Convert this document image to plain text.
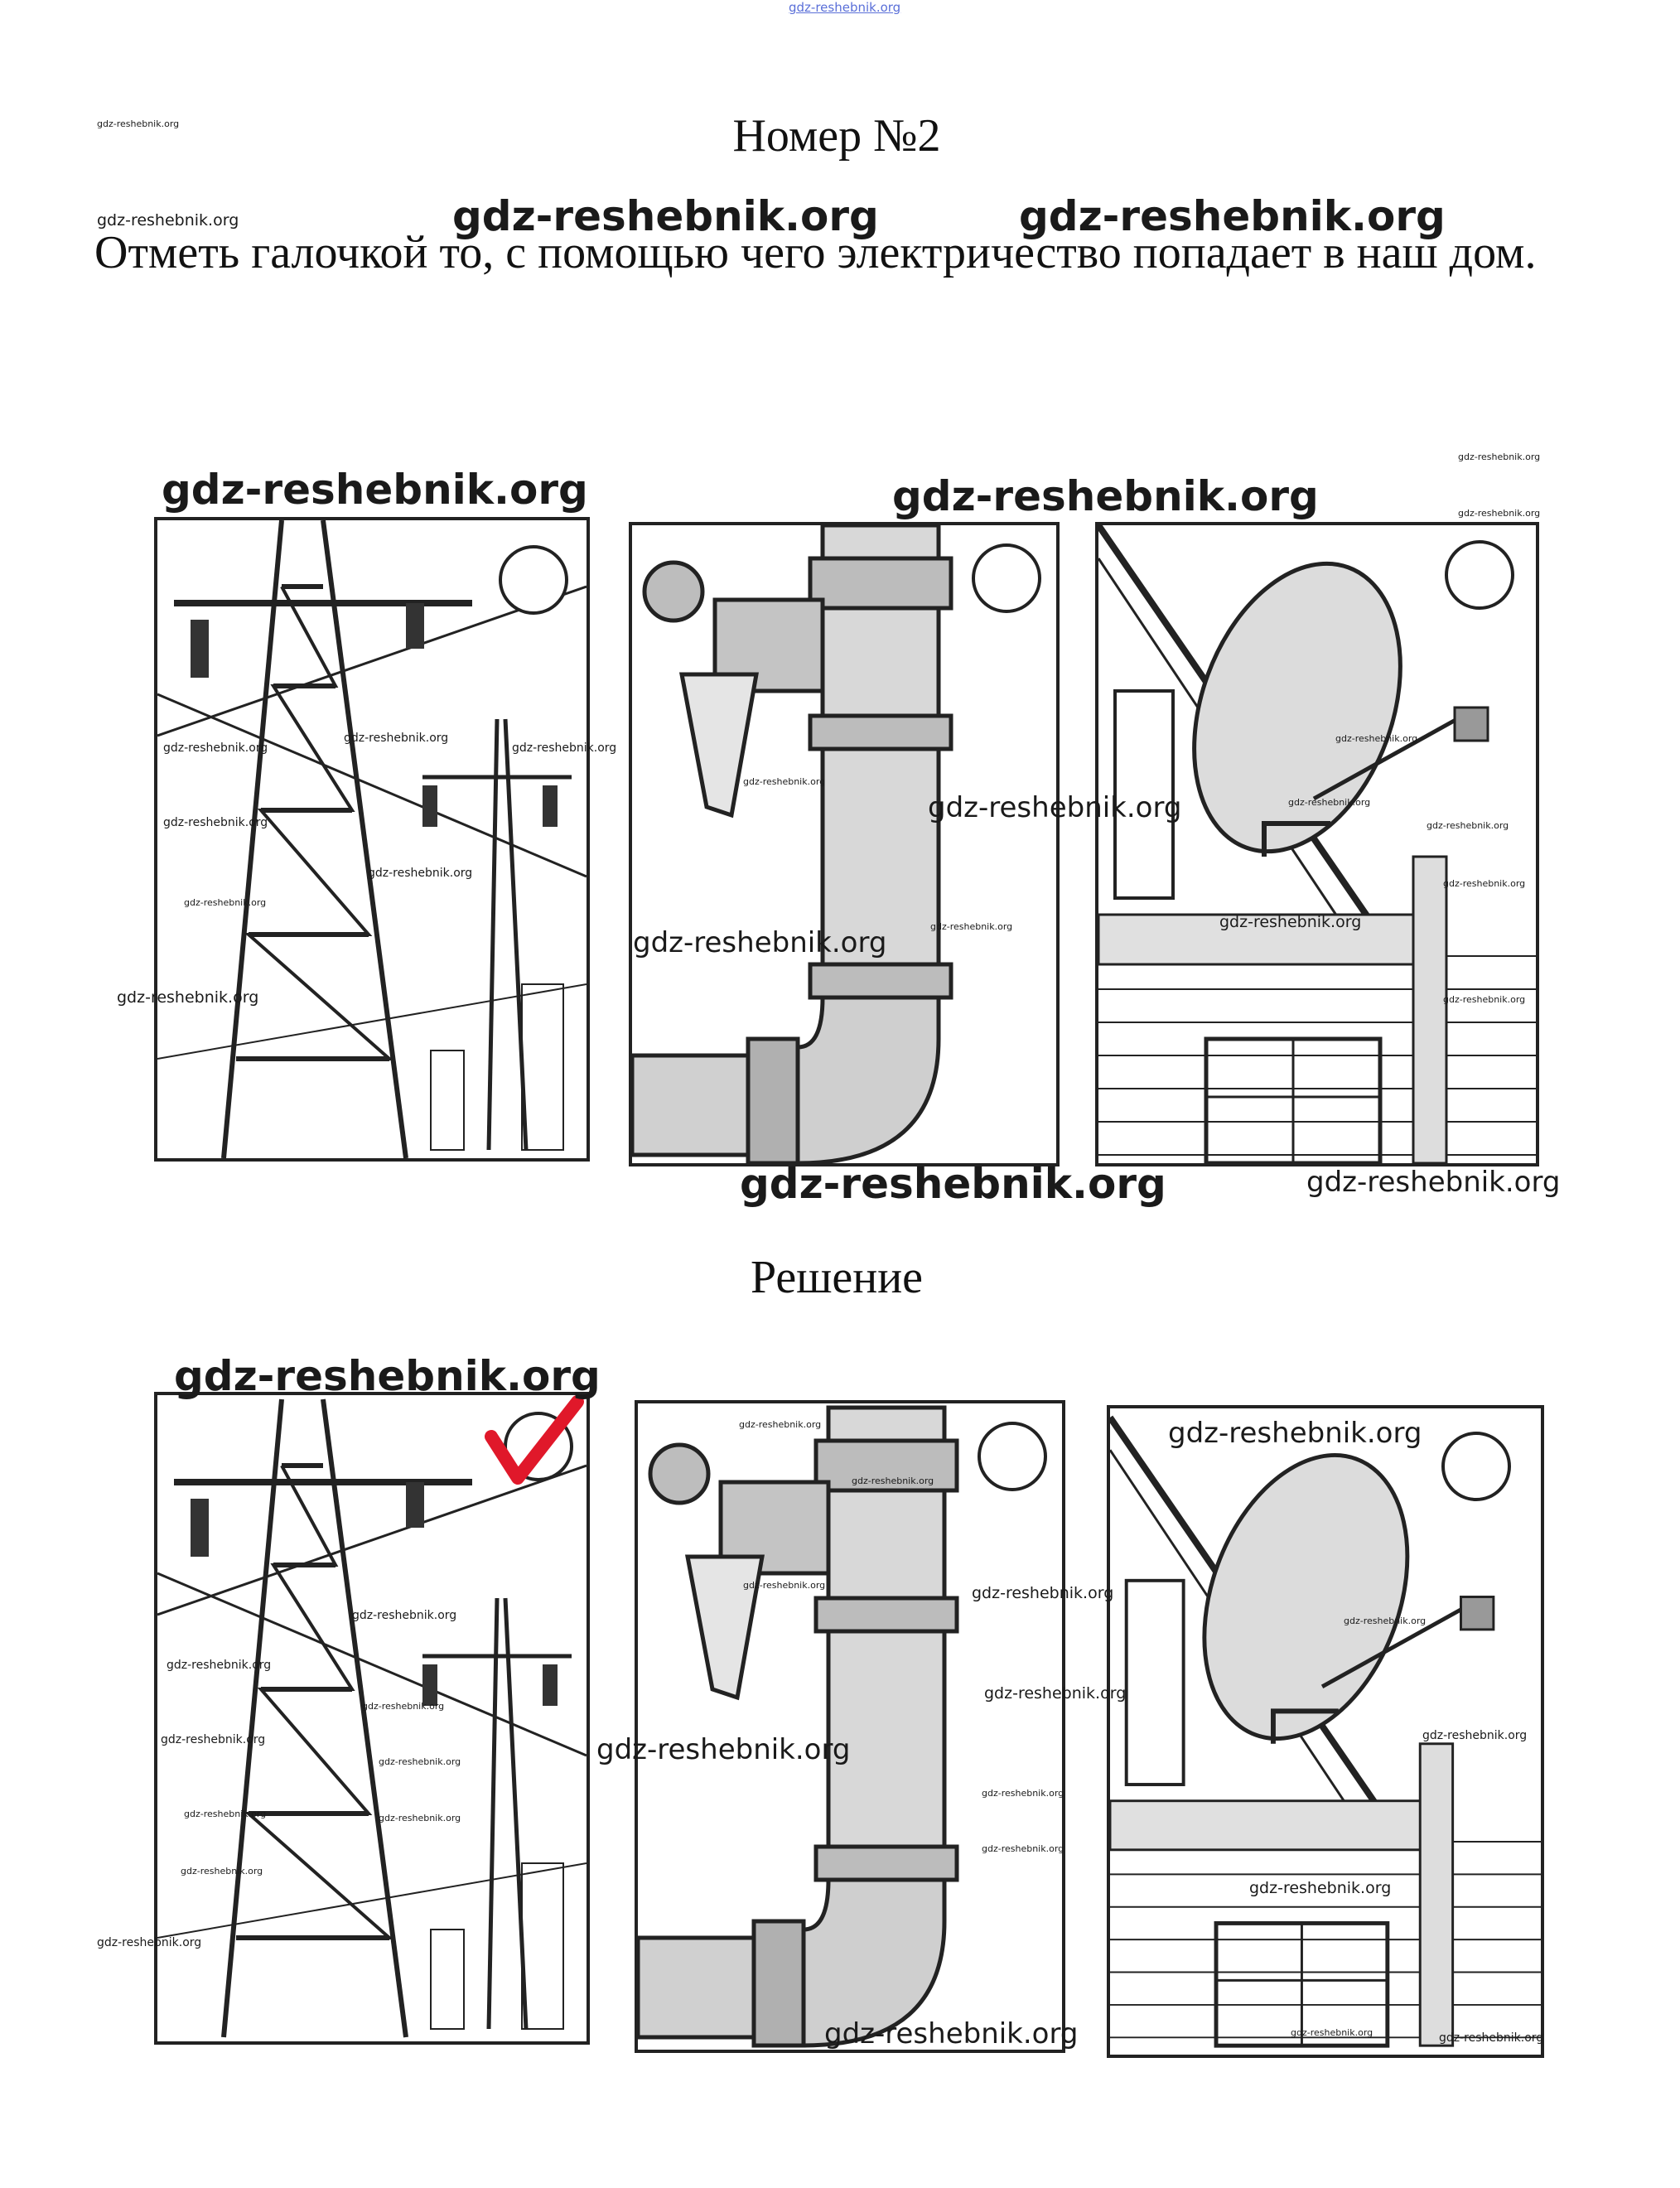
gdz-reshebnik.org
Номер №2
Отметь галочкой то, с помощью чего электричество попадает в наш дом.
Решение
gdz-reshebnik.org
gdz-reshebnik.org	gdz-reshebnik.org	gdz-reshebnik.org
gdz-reshebnik.org	gdz-reshebnik.org
gdz-reshebnik.org
gdz-reshebnik.org
gdz-reshebnik.org
gdz-reshebnik.org
gdz-reshebnik.org
gdz-reshebnik.org
gdz-reshebnik.org
gdz-reshebnik.org
gdz-reshebnik.org
gdz-reshebnik.org
gdz-reshebnik.org
gdz-reshebnik.org
gdz-reshebnik.org
gdz-reshebnik.org
gdz-reshebnik.org
gdz-reshebnik.org
gdz-reshebnik.org
gdz-reshebnik.org
gdz-reshebnik.org
gdz-reshebnik.org	gdz-reshebnik.org
gdz-reshebnik.org
gdz-reshebnik.org
gdz-reshebnik.org
gdz-reshebnik.org
gdz-reshebnik.org
gdz-reshebnik.org
gdz-reshebnik.org
gdz-reshebnik.org
gdz-reshebnik.org
gdz-reshebnik.org	gdz-reshebnik.org
gdz-reshebnik.org
gdz-reshebnik.org
gdz-reshebnik.org	gdz-reshebnik.org
gdz-reshebnik.org
gdz-reshebnik.org
gdz-reshebnik.org
gdz-reshebnik.org
gdz-reshebnik.org
gdz-reshebnik.org
gdz-reshebnik.org
gdz-reshebnik.org
gdz-reshebnik.org	gdz-reshebnik.org
